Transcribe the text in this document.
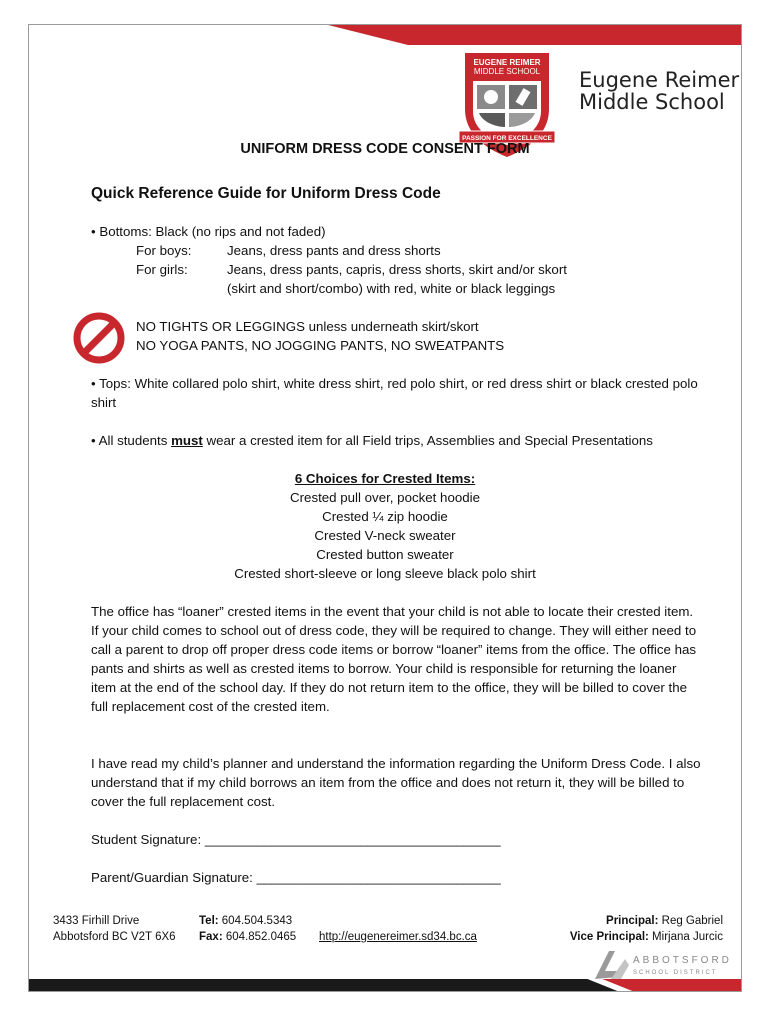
EUGENE REIMER
MIDDLE SCHOOL
PASSION FOR EXCELLENCE
Eugene Reimer
Middle School
UNIFORM DRESS CODE CONSENT FORM
Quick Reference Guide for Uniform Dress Code
• Bottoms: Black (no rips and not faded)
For boys:	Jeans, dress pants and dress shorts
For girls:	Jeans, dress pants, capris, dress shorts, skirt and/or skort
(skirt and short/combo) with red, white or black leggings
NO TIGHTS OR LEGGINGS unless underneath skirt/skort
NO YOGA PANTS, NO JOGGING PANTS, NO SWEATPANTS
• Tops: White collared polo shirt, white dress shirt, red polo shirt, or red dress shirt or black crested polo shirt
• All students must wear a crested item for all Field trips, Assemblies and Special Presentations
6 Choices for Crested Items:
Crested pull over, pocket hoodie
Crested ¼ zip hoodie
Crested V-neck sweater
Crested button sweater
Crested short-sleeve or long sleeve black polo shirt
The office has “loaner” crested items in the event that your child is not able to locate their crested item. If your child comes to school out of dress code, they will be required to change. They will either need to call a parent to drop off proper dress code items or borrow “loaner” items from the office. The office has pants and shirts as well as crested items to borrow. Your child is responsible for returning the loaner item at the end of the school day. If they do not return item to the office, they will be billed to cover the full replacement cost of the crested item.
I have read my child’s planner and understand the information regarding the Uniform Dress Code. I also understand that if my child borrows an item from the office and does not return it, they will be billed to cover the full replacement cost.
Student Signature: ________________________________________
Parent/Guardian Signature: _________________________________
3433 Firhill Drive
Abbotsford BC V2T 6X6
Tel: 604.504.5343
Fax: 604.852.0465 http://eugenereimer.sd34.bc.ca
Principal: Reg Gabriel
Vice Principal: Mirjana Jurcic
ABBOTSFORD
SCHOOL DISTRICT
